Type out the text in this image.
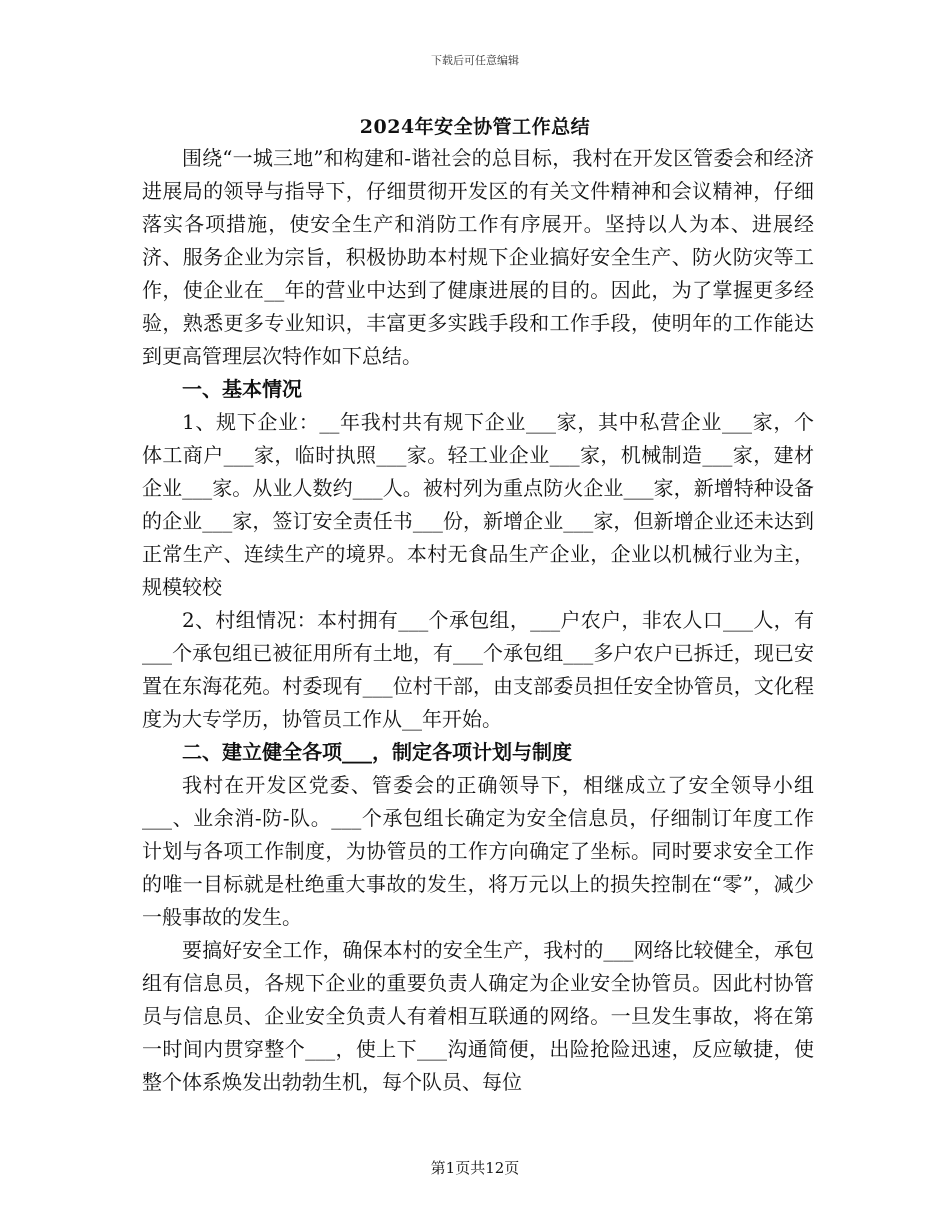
下载后可任意编辑
2024年安全协管工作总结

围绕“一城三地”和构建和-谐社会的总目标，我村在开发区管委会和经济进展局的领导与指导下，仔细贯彻开发区的有关文件精神和会议精神，仔细落实各项措施，使安全生产和消防工作有序展开。坚持以人为本、进展经济、服务企业为宗旨，积极协助本村规下企业搞好安全生产、防火防灾等工作，使企业在__年的营业中达到了健康进展的目的。因此，为了掌握更多经验，熟悉更多专业知识，丰富更多实践手段和工作手段，使明年的工作能达到更高管理层次特作如下总结。

一、基本情况

1、规下企业：__年我村共有规下企业___家，其中私营企业___家，个体工商户___家，临时执照___家。轻工业企业___家，机械制造___家，建材企业___家。从业人数约___人。被村列为重点防火企业___家，新增特种设备的企业___家，签订安全责任书___份，新增企业___家，但新增企业还未达到正常生产、连续生产的境界。本村无食品生产企业，企业以机械行业为主，规模较校

2、村组情况：本村拥有___个承包组，___户农户，非农人口___人，有___个承包组已被征用所有土地，有___个承包组___多户农户已拆迁，现已安置在东海花苑。村委现有___位村干部，由支部委员担任安全协管员，文化程度为大专学历，协管员工作从__年开始。

二、建立健全各项___，制定各项计划与制度

我村在开发区党委、管委会的正确领导下，相继成立了安全领导小组___、业余消-防-队。___个承包组长确定为安全信息员，仔细制订年度工作计划与各项工作制度，为协管员的工作方向确定了坐标。同时要求安全工作的唯一目标就是杜绝重大事故的发生，将万元以上的损失控制在“零”，减少一般事故的发生。

要搞好安全工作，确保本村的安全生产，我村的___网络比较健全，承包组有信息员，各规下企业的重要负责人确定为企业安全协管员。因此村协管员与信息员、企业安全负责人有着相互联通的网络。一旦发生事故，将在第一时间内贯穿整个___，使上下___沟通简便，出险抢险迅速，反应敏捷，使整个体系焕发出勃勃生机，每个队员、每位

第1页共12页
